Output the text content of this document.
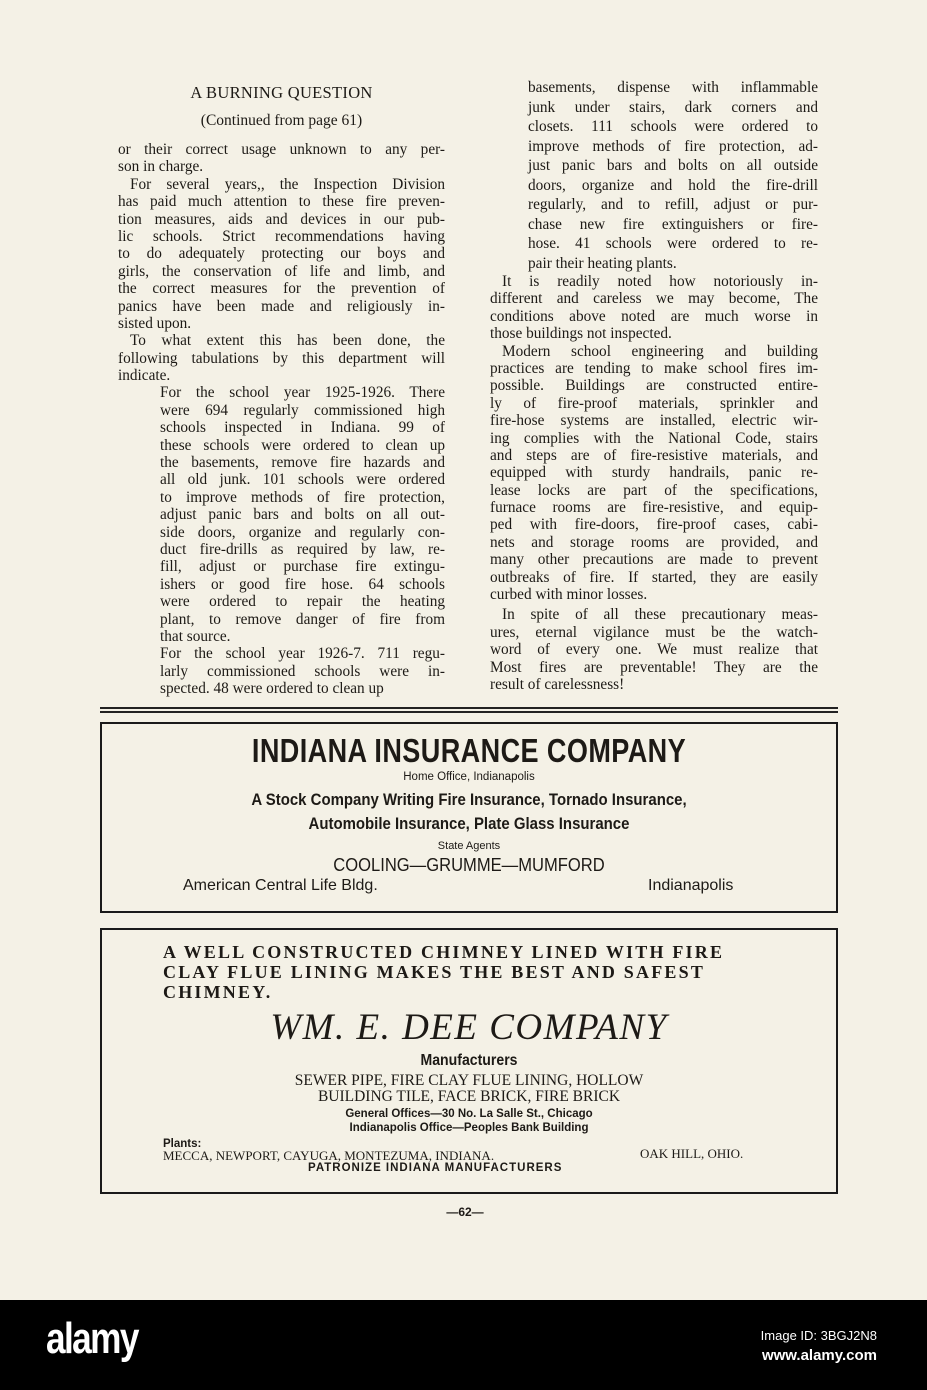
A BURNING QUESTION
(Continued from page 61)
or their correct usage unknown to any per-
son in charge.
For several years,, the Inspection Division
has paid much attention to these fire preven-
tion measures, aids and devices in our pub-
lic schools. Strict recommendations having
to do adequately protecting our boys and
girls, the conservation of life and limb, and
the correct measures for the prevention of
panics have been made and religiously in-
sisted upon.
To what extent this has been done, the
following tabulations by this department will
indicate.
For the school year 1925-1926. There
were 694 regularly commissioned high
schools inspected in Indiana. 99 of
these schools were ordered to clean up
the basements, remove fire hazards and
all old junk. 101 schools were ordered
to improve methods of fire protection,
adjust panic bars and bolts on all out-
side doors, organize and regularly con-
duct fire-drills as required by law, re-
fill, adjust or purchase fire extingu-
ishers or good fire hose. 64 schools
were ordered to repair the heating
plant, to remove danger of fire from
that source.
For the school year 1926-7. 711 regu-
larly commissioned schools were in-
spected. 48 were ordered to clean up
basements, dispense with inflammable
junk under stairs, dark corners and
closets. 111 schools were ordered to
improve methods of fire protection, ad-
just panic bars and bolts on all outside
doors, organize and hold the fire-drill
regularly, and to refill, adjust or pur-
chase new fire extinguishers or fire-
hose. 41 schools were ordered to re-
pair their heating plants.
It is readily noted how notoriously in-
different and careless we may become, The
conditions above noted are much worse in
those buildings not inspected.
Modern school engineering and building
practices are tending to make school fires im-
possible. Buildings are constructed entire-
ly of fire-proof materials, sprinkler and
fire-hose systems are installed, electric wir-
ing complies with the National Code, stairs
and steps are of fire-resistive materials, and
equipped with sturdy handrails, panic re-
lease locks are part of the specifications,
furnace rooms are fire-resistive, and equip-
ped with fire-doors, fire-proof cases, cabi-
nets and storage rooms are provided, and
many other precautions are made to prevent
outbreaks of fire. If started, they are easily
curbed with minor losses.
In spite of all these precautionary meas-
ures, eternal vigilance must be the watch-
word of every one. We must realize that
Most fires are preventable! They are the
result of carelessness!
INDIANA INSURANCE COMPANY
Home Office, Indianapolis
A Stock Company Writing Fire Insurance, Tornado Insurance,
Automobile Insurance, Plate Glass Insurance
State Agents
COOLING—GRUMME—MUMFORD
American Central Life Bldg.	Indianapolis
A WELL CONSTRUCTED CHIMNEY LINED WITH FIRE
CLAY FLUE LINING MAKES THE BEST AND SAFEST
CHIMNEY.
WM. E. DEE COMPANY
Manufacturers
SEWER PIPE, FIRE CLAY FLUE LINING, HOLLOW
BUILDING TILE, FACE BRICK, FIRE BRICK
General Offices—30 No. La Salle St., Chicago
Indianapolis Office—Peoples Bank Building
Plants:
MECCA, NEWPORT, CAYUGA, MONTEZUMA, INDIANA.	OAK HILL, OHIO.
PATRONIZE INDIANA MANUFACTURERS
—62—
alamy	Image ID: 3BGJ2N8
www.alamy.com
